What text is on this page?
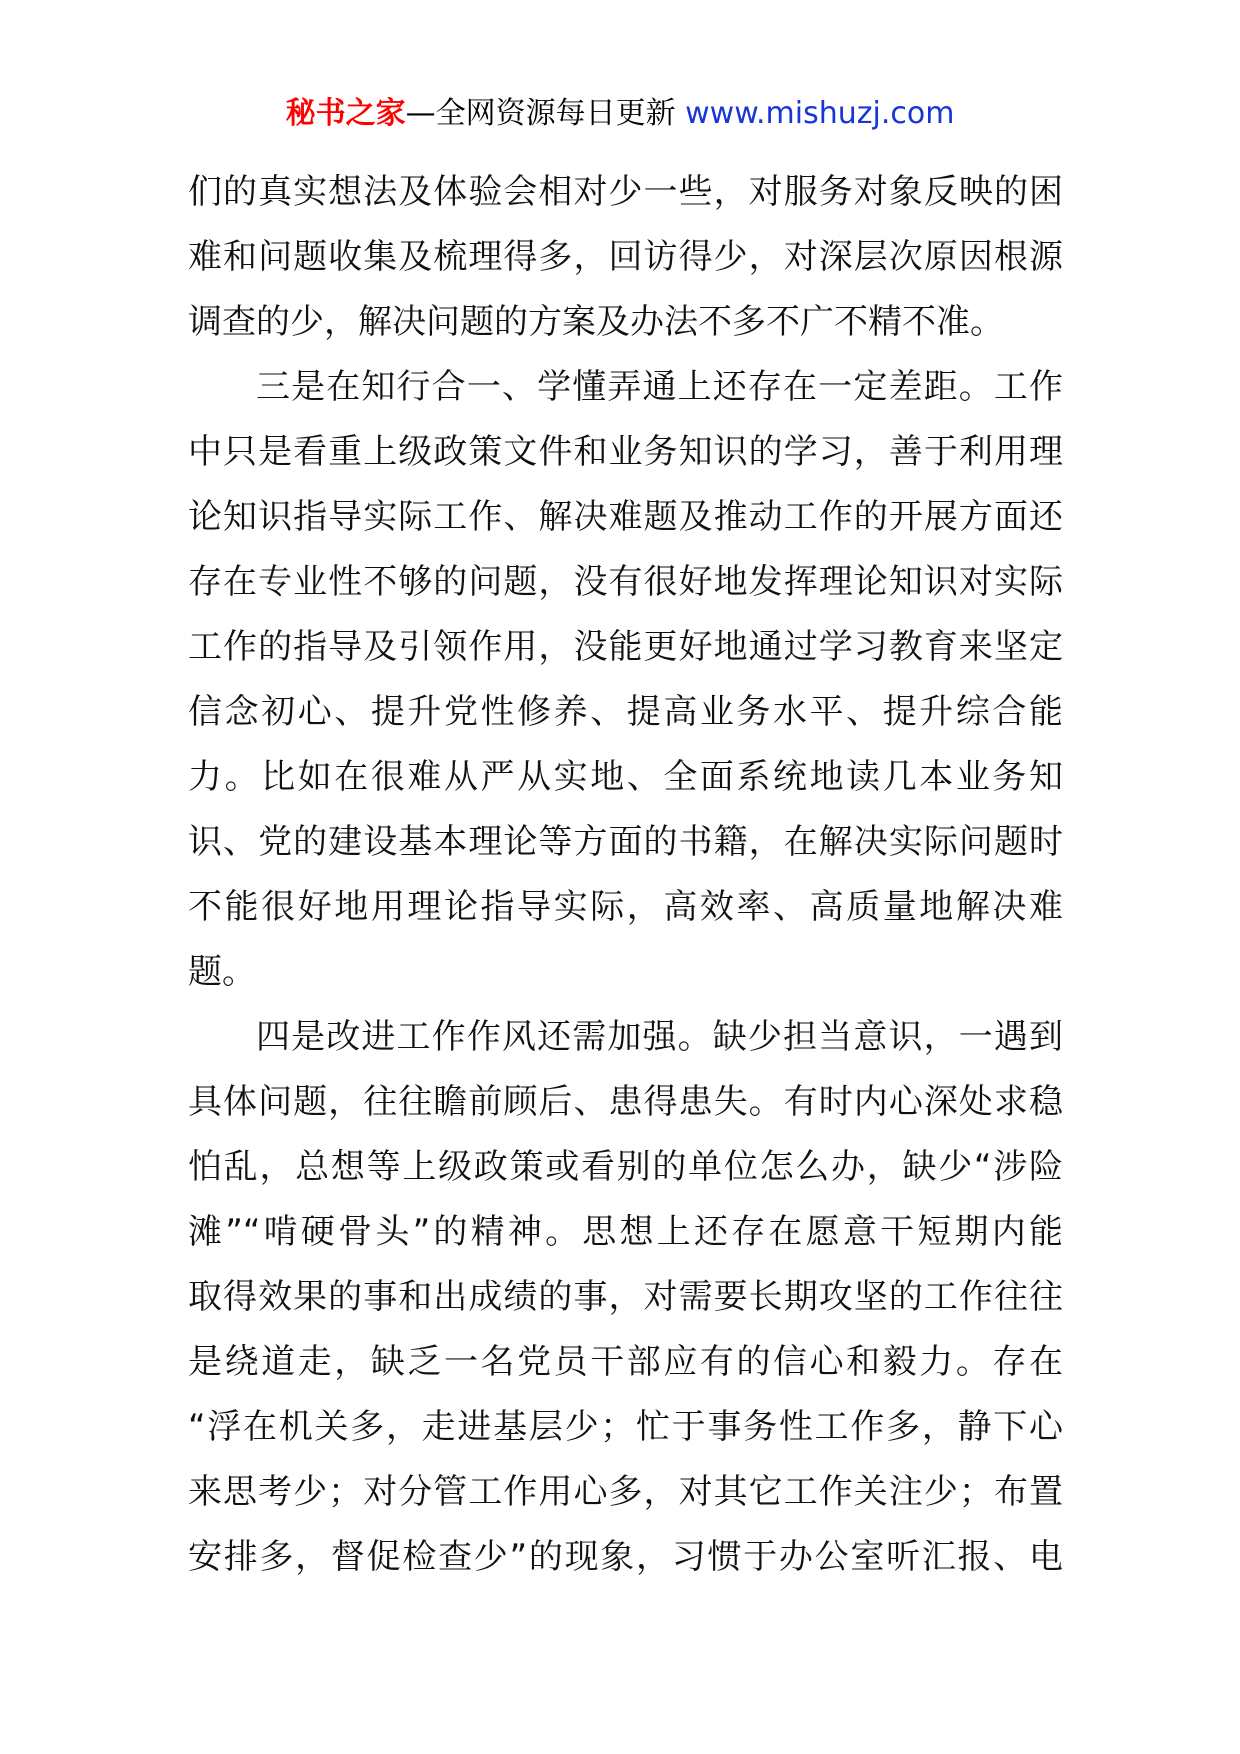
秘书之家—全网资源每日更新 www.mishuzj.com
们的真实想法及体验会相对少一些，对服务对象反映的困
难和问题收集及梳理得多，回访得少，对深层次原因根源
调查的少，解决问题的方案及办法不多不广不精不准。
三是在知行合一、学懂弄通上还存在一定差距。工作
中只是看重上级政策文件和业务知识的学习，善于利用理
论知识指导实际工作、解决难题及推动工作的开展方面还
存在专业性不够的问题，没有很好地发挥理论知识对实际
工作的指导及引领作用，没能更好地通过学习教育来坚定
信念初心、提升党性修养、提高业务水平、提升综合能
力。比如在很难从严从实地、全面系统地读几本业务知
识、党的建设基本理论等方面的书籍，在解决实际问题时
不能很好地用理论指导实际，高效率、高质量地解决难
题。
四是改进工作作风还需加强。缺少担当意识，一遇到
具体问题，往往瞻前顾后、患得患失。有时内心深处求稳
怕乱，总想等上级政策或看别的单位怎么办，缺少“涉险
滩”“啃硬骨头”的精神。思想上还存在愿意干短期内能
取得效果的事和出成绩的事，对需要长期攻坚的工作往往
是绕道走，缺乏一名党员干部应有的信心和毅力。存在
“浮在机关多，走进基层少；忙于事务性工作多，静下心
来思考少；对分管工作用心多，对其它工作关注少；布置
安排多，督促检查少”的现象，习惯于办公室听汇报、电
